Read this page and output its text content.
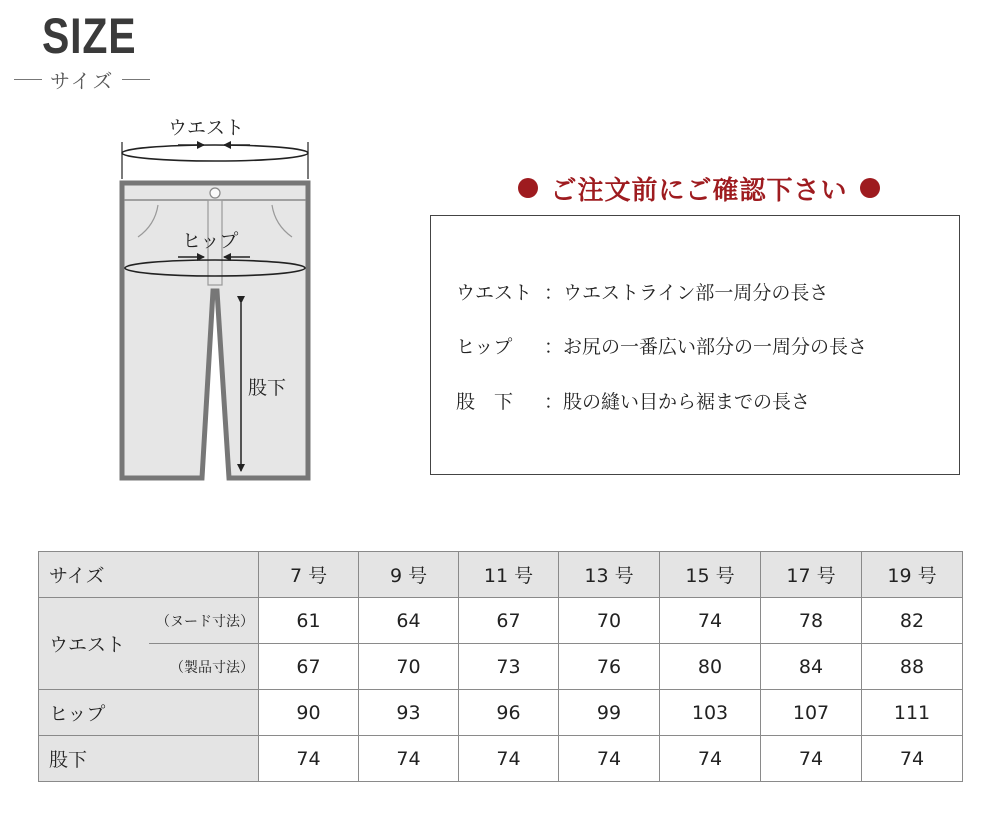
SIZE
サイズ
ウエスト
ヒップ
股下
ご注文前にご確認下さい
ウエスト ：ウエストライン部一周分の長さ
ヒップ	：お尻の一番広い部分の一周分の長さ
股　下	：股の縫い目から裾までの長さ
サイズ		7 号	9 号	11 号	13 号	15 号	17 号	19 号
ウエスト	（ヌード寸法）	61	64	67	70	74	78	82
	（製品寸法）	67	70	73	76	80	84	88
ヒップ		90	93	96	99	103	107	111
股下		74	74	74	74	74	74	74
